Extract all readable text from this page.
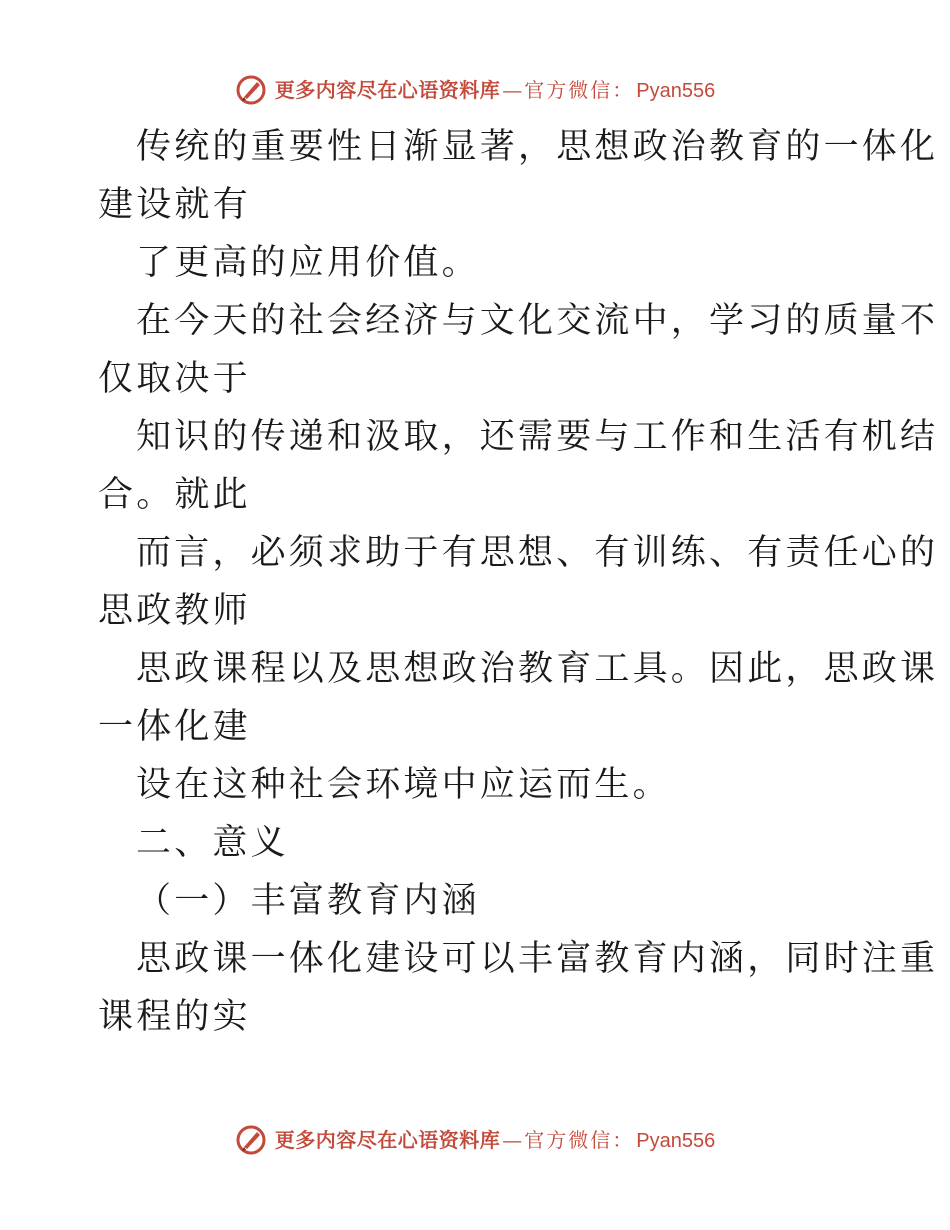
更多内容尽在心语资料库 — 官方微信： Pyan556
传统的重要性日渐显著，思想政治教育的一体化
建设就有
了更高的应用价值。
在今天的社会经济与文化交流中，学习的质量不
仅取决于
知识的传递和汲取，还需要与工作和生活有机结
合。就此
而言，必须求助于有思想、有训练、有责任心的
思政教师
思政课程以及思想政治教育工具。因此，思政课
一体化建
设在这种社会环境中应运而生。
二、意义
（一）丰富教育内涵
思政课一体化建设可以丰富教育内涵，同时注重
课程的实
更多内容尽在心语资料库 — 官方微信： Pyan556
